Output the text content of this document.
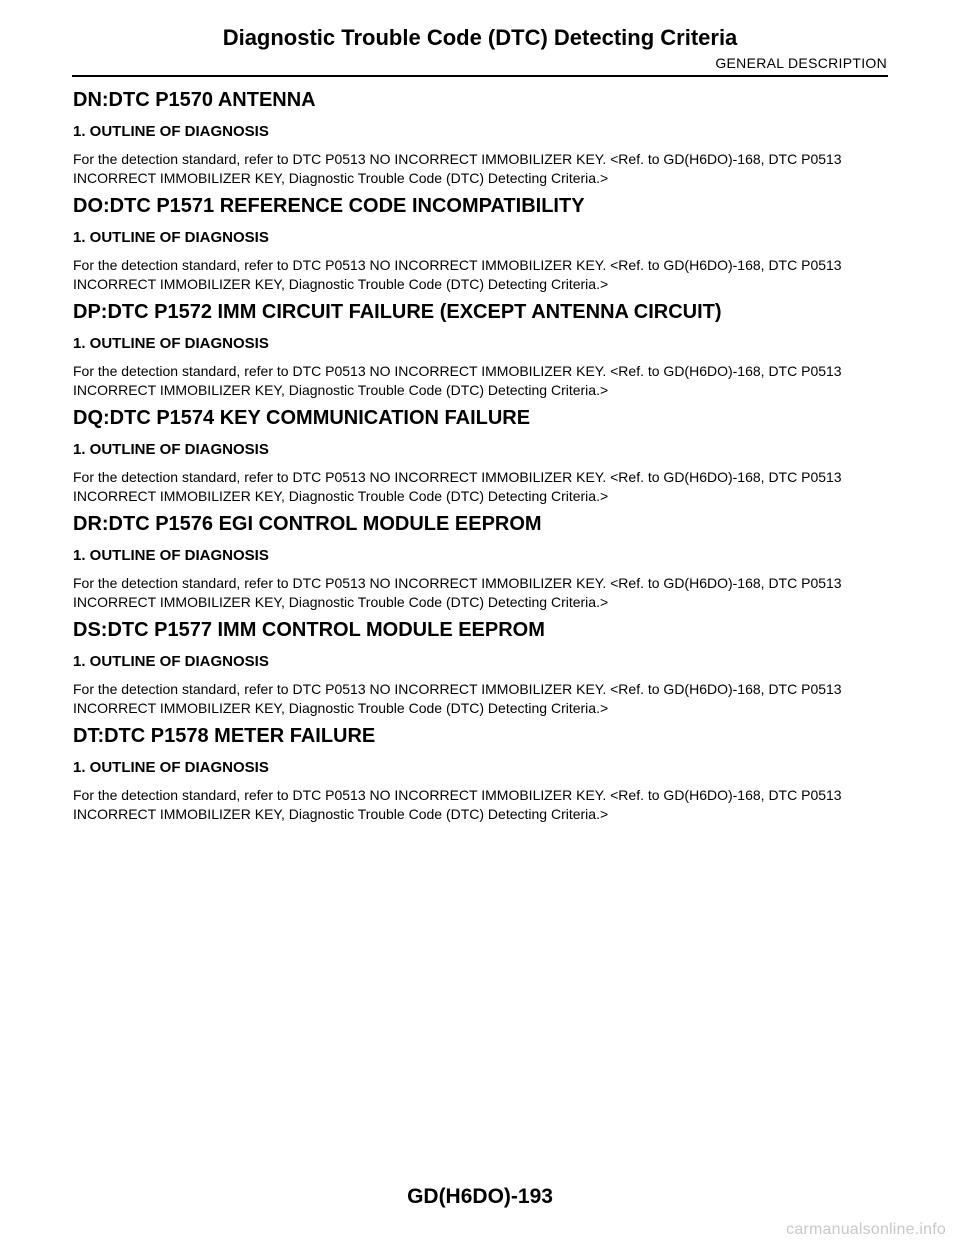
Diagnostic Trouble Code (DTC) Detecting Criteria
GENERAL DESCRIPTION
DN:DTC P1570 ANTENNA
1. OUTLINE OF DIAGNOSIS

For the detection standard, refer to DTC P0513 NO INCORRECT IMMOBILIZER KEY. <Ref. to GD(H6DO)-168, DTC P0513 INCORRECT IMMOBILIZER KEY, Diagnostic Trouble Code (DTC) Detecting Criteria.>

DO:DTC P1571 REFERENCE CODE INCOMPATIBILITY
1. OUTLINE OF DIAGNOSIS

For the detection standard, refer to DTC P0513 NO INCORRECT IMMOBILIZER KEY. <Ref. to GD(H6DO)-168, DTC P0513 INCORRECT IMMOBILIZER KEY, Diagnostic Trouble Code (DTC) Detecting Criteria.>

DP:DTC P1572 IMM CIRCUIT FAILURE (EXCEPT ANTENNA CIRCUIT)
1. OUTLINE OF DIAGNOSIS

For the detection standard, refer to DTC P0513 NO INCORRECT IMMOBILIZER KEY. <Ref. to GD(H6DO)-168, DTC P0513 INCORRECT IMMOBILIZER KEY, Diagnostic Trouble Code (DTC) Detecting Criteria.>

DQ:DTC P1574 KEY COMMUNICATION FAILURE
1. OUTLINE OF DIAGNOSIS

For the detection standard, refer to DTC P0513 NO INCORRECT IMMOBILIZER KEY. <Ref. to GD(H6DO)-168, DTC P0513 INCORRECT IMMOBILIZER KEY, Diagnostic Trouble Code (DTC) Detecting Criteria.>

DR:DTC P1576 EGI CONTROL MODULE EEPROM
1. OUTLINE OF DIAGNOSIS

For the detection standard, refer to DTC P0513 NO INCORRECT IMMOBILIZER KEY. <Ref. to GD(H6DO)-168, DTC P0513 INCORRECT IMMOBILIZER KEY, Diagnostic Trouble Code (DTC) Detecting Criteria.>

DS:DTC P1577 IMM CONTROL MODULE EEPROM
1. OUTLINE OF DIAGNOSIS

For the detection standard, refer to DTC P0513 NO INCORRECT IMMOBILIZER KEY. <Ref. to GD(H6DO)-168, DTC P0513 INCORRECT IMMOBILIZER KEY, Diagnostic Trouble Code (DTC) Detecting Criteria.>

DT:DTC P1578 METER FAILURE
1. OUTLINE OF DIAGNOSIS

For the detection standard, refer to DTC P0513 NO INCORRECT IMMOBILIZER KEY. <Ref. to GD(H6DO)-168, DTC P0513 INCORRECT IMMOBILIZER KEY, Diagnostic Trouble Code (DTC) Detecting Criteria.>

GD(H6DO)-193
carmanualsonline.info
